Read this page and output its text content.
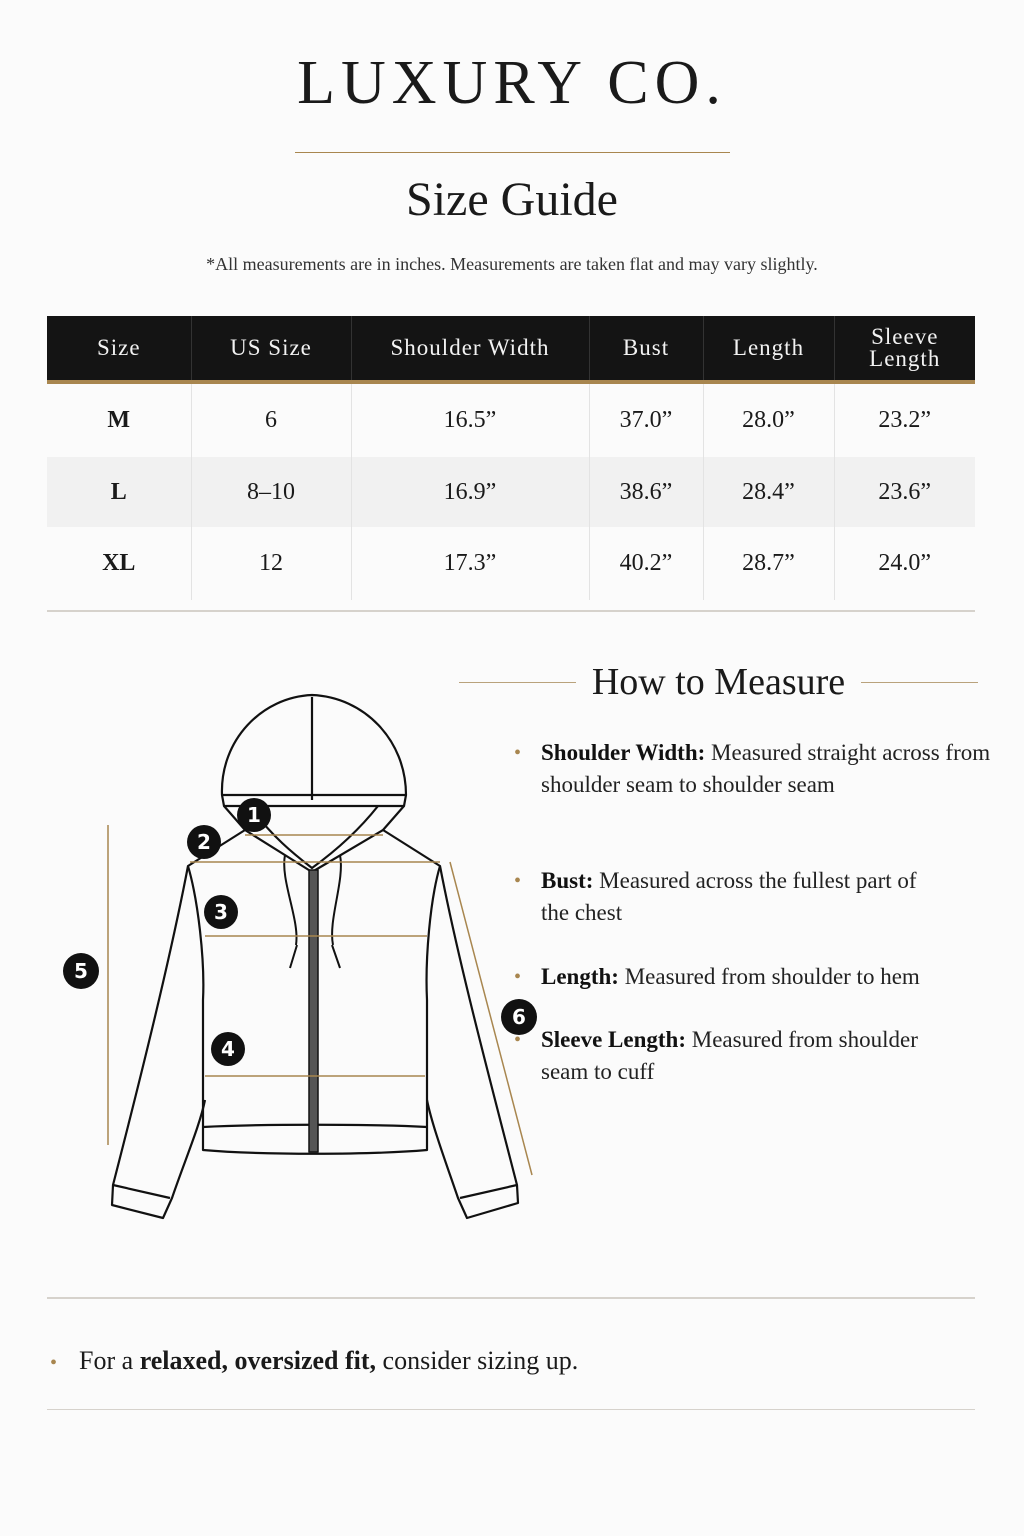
LUXURY CO.
Size Guide
*All measurements are in inches. Measurements are taken flat and may vary slightly.
Size	US Size	Shoulder Width	Bust	Length	Sleeve Length
M	6	16.5”	37.0”	28.0”	23.2”
L	8–10	16.9”	38.6”	28.4”	23.6”
XL	12	17.3”	40.2”	28.7”	24.0”
1
2
3
4
5
6
How to Measure
• Shoulder Width: Measured straight across from shoulder seam to shoulder seam
• Bust: Measured across the fullest part of the chest
• Length: Measured from shoulder to hem
• Sleeve Length: Measured from shoulder seam to cuff
• For a relaxed, oversized fit, consider sizing up.
